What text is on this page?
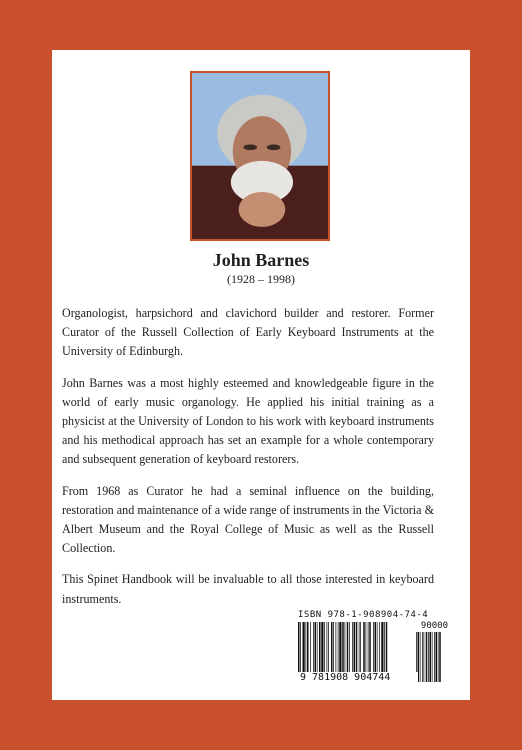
John Barnes
(1928 – 1998)

Organologist, harpsichord and clavichord builder and restorer. Former Curator of the Russell Collection of Early Keyboard Instruments at the University of Edinburgh.

John Barnes was a most highly esteemed and knowledgeable figure in the world of early music organology. He applied his initial training as a physicist at the University of London to his work with keyboard instruments and his methodical approach has set an example for a whole contemporary and subsequent generation of keyboard restorers.

From 1968 as Curator he had a seminal influence on the building, restoration and maintenance of a wide range of instruments in the Victoria & Albert Museum and the Royal College of Music as well as the Russell Collection.

This Spinet Handbook will be invaluable to all those interested in keyboard instruments.

ISBN 978-1-908904-74-4
90000
9 781908 904744
